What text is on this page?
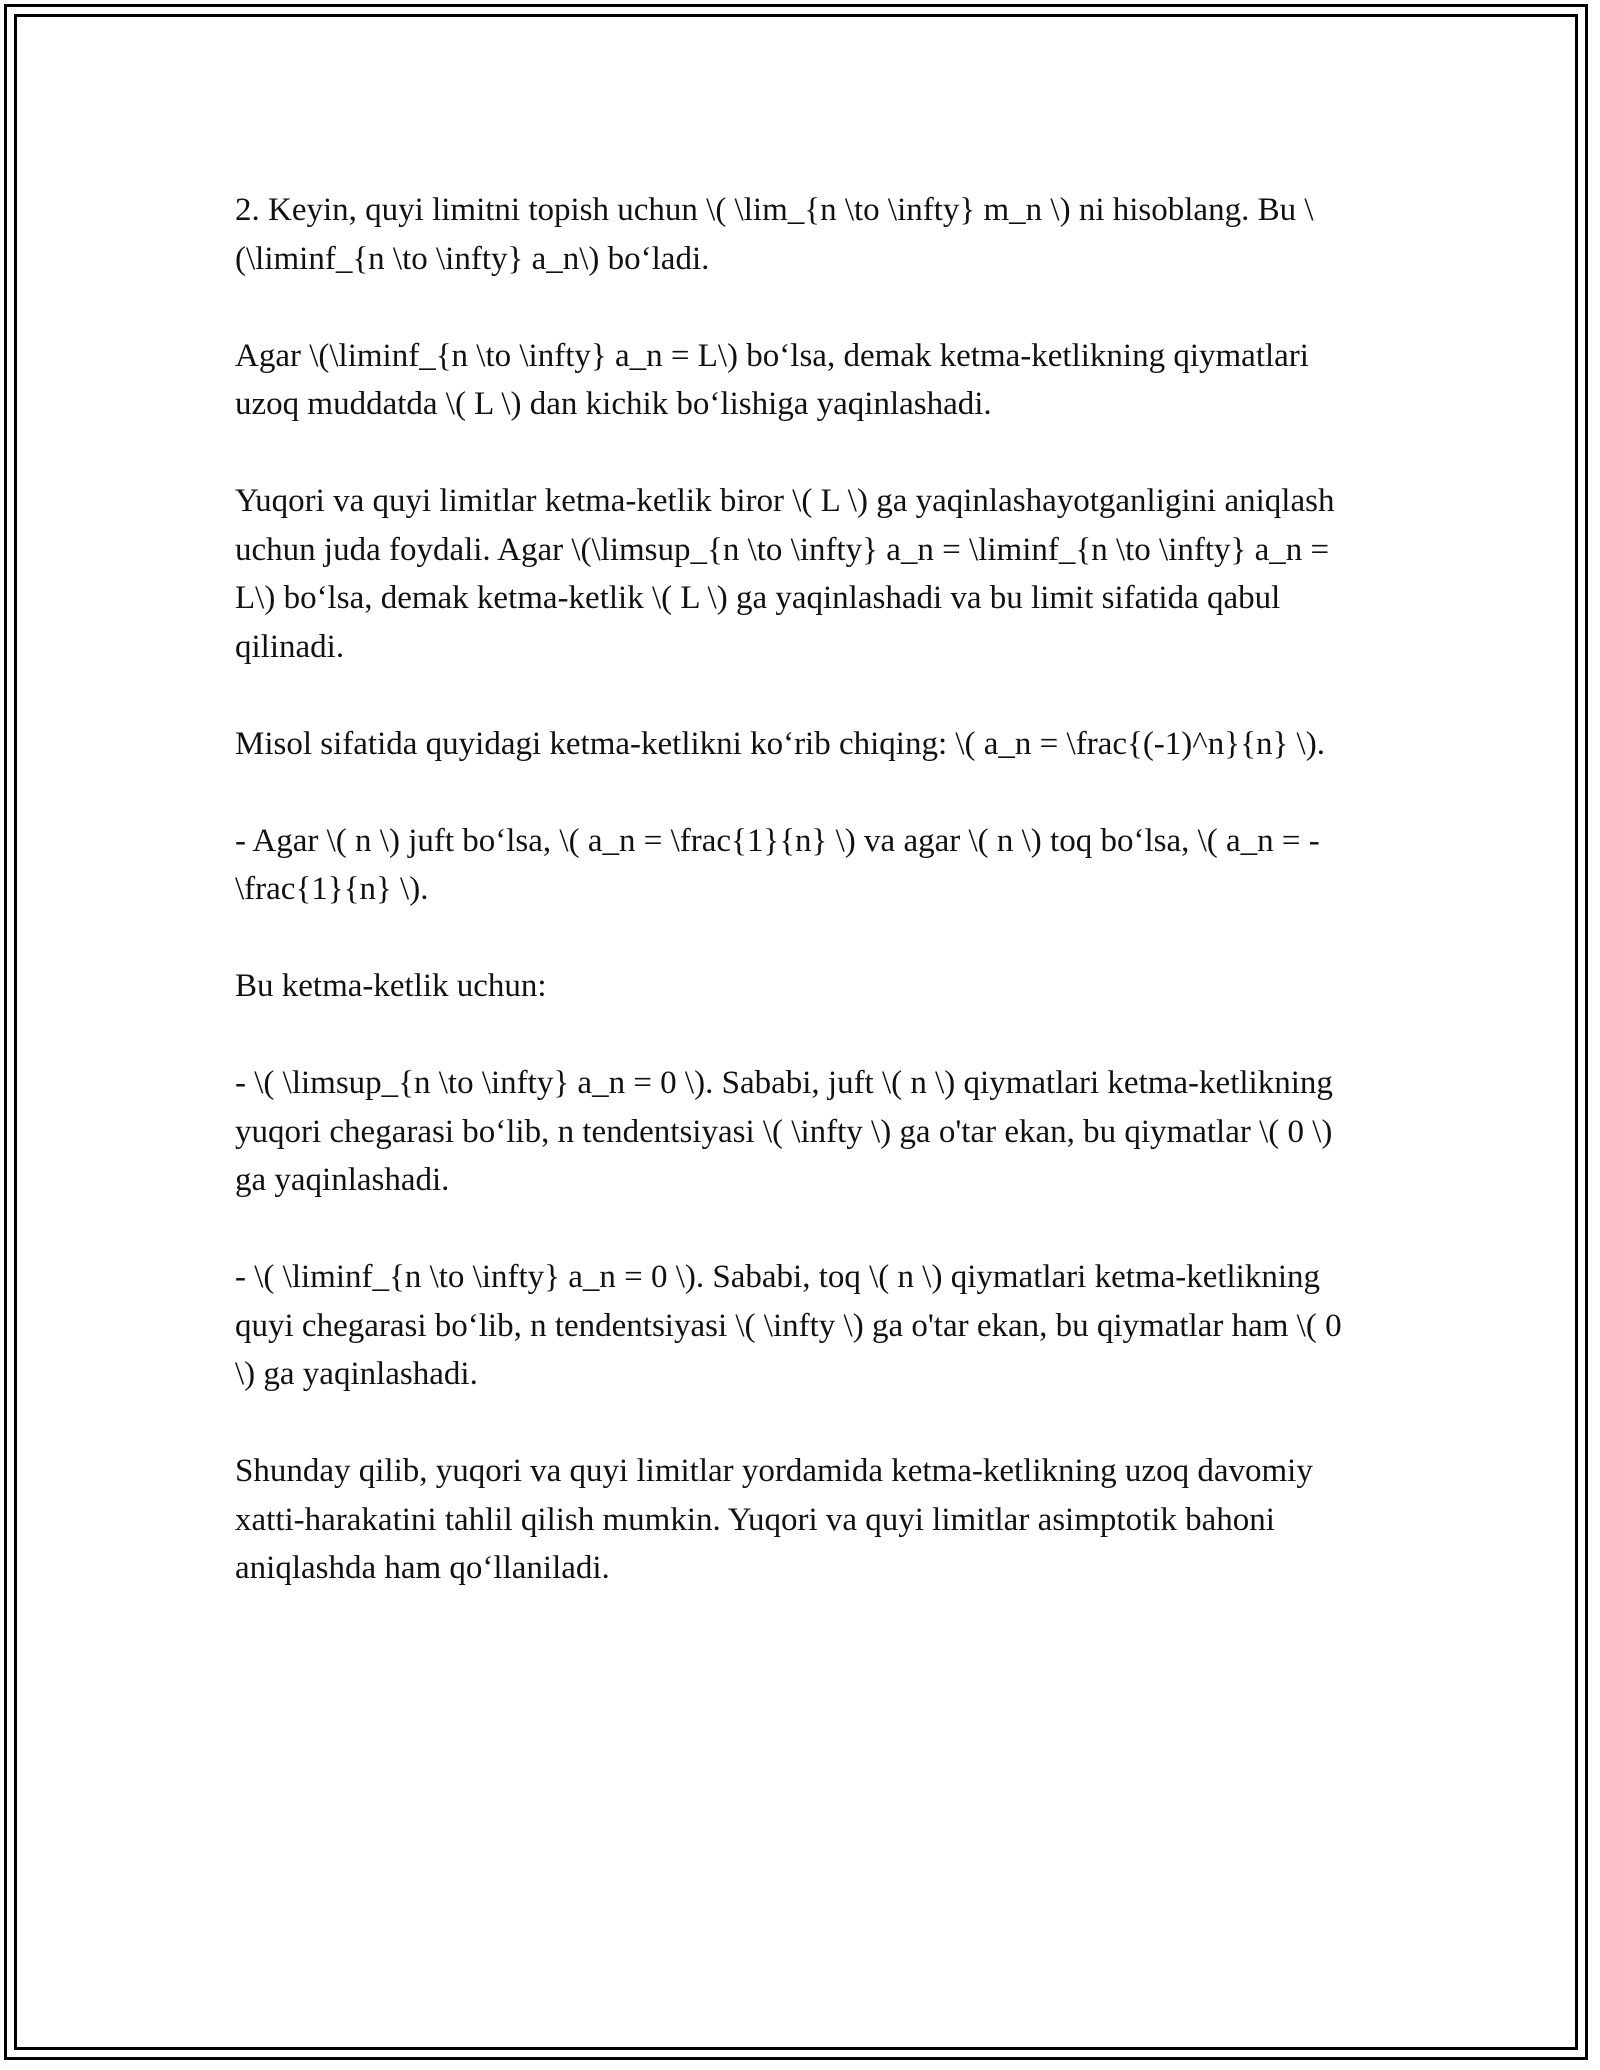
2. Keyin, quyi limitni topish uchun \( \lim_{n \to \infty} m_n \) ni hisoblang. Bu \(\liminf_{n \to \infty} a_n\) bo‘ladi.

Agar \(\liminf_{n \to \infty} a_n = L\) bo‘lsa, demak ketma-ketlikning qiymatlari uzoq muddatda \( L \) dan kichik bo‘lishiga yaqinlashadi.

Yuqori va quyi limitlar ketma-ketlik biror \( L \) ga yaqinlashayotganligini aniqlash uchun juda foydali. Agar \(\limsup_{n \to \infty} a_n = \liminf_{n \to \infty} a_n = L\) bo‘lsa, demak ketma-ketlik \( L \) ga yaqinlashadi va bu limit sifatida qabul qilinadi.

Misol sifatida quyidagi ketma-ketlikni ko‘rib chiqing: \( a_n = \frac{(-1)^n}{n} \).

- Agar \( n \) juft bo‘lsa, \( a_n = \frac{1}{n} \) va agar \( n \) toq bo‘lsa, \( a_n = -\frac{1}{n} \).

Bu ketma-ketlik uchun:

- \( \limsup_{n \to \infty} a_n = 0 \). Sababi, juft \( n \) qiymatlari ketma-ketlikning yuqori chegarasi bo‘lib, n tendentsiyasi \( \infty \) ga o'tar ekan, bu qiymatlar \( 0 \) ga yaqinlashadi.

- \( \liminf_{n \to \infty} a_n = 0 \). Sababi, toq \( n \) qiymatlari ketma-ketlikning quyi chegarasi bo‘lib, n tendentsiyasi \( \infty \) ga o'tar ekan, bu qiymatlar ham \( 0 \) ga yaqinlashadi.

Shunday qilib, yuqori va quyi limitlar yordamida ketma-ketlikning uzoq davomiy xatti-harakatini tahlil qilish mumkin. Yuqori va quyi limitlar asimptotik bahoni aniqlashda ham qo‘llaniladi.
